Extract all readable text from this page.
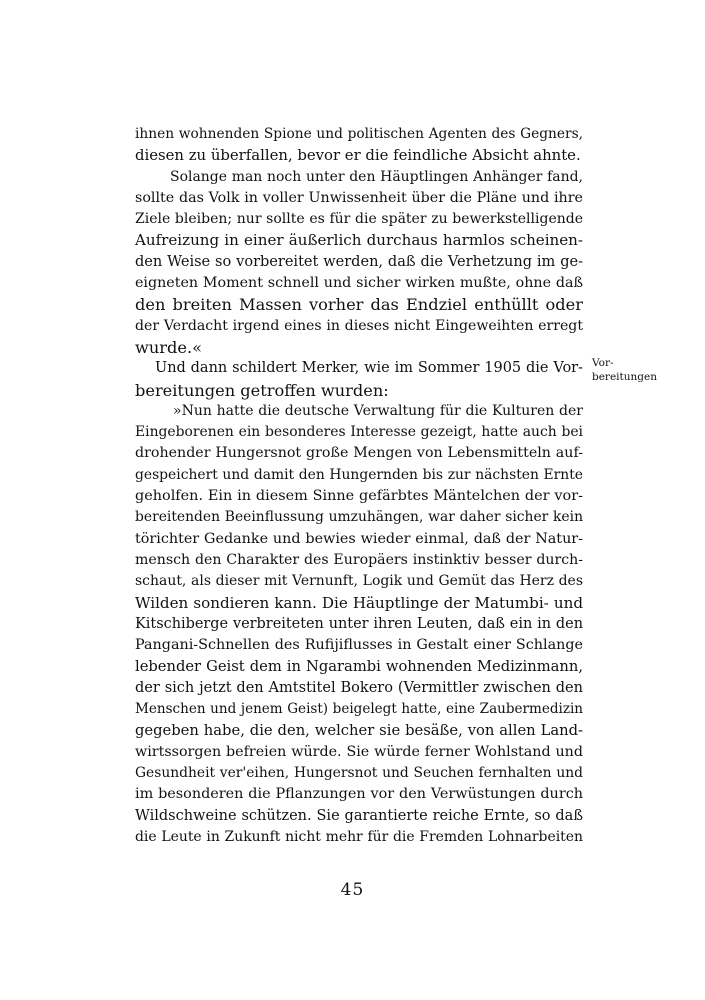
ihnen wohnenden Spione und politischen Agenten des Gegners,
diesen zu überfallen, bevor er die feindliche Absicht ahnte.
Solange man noch unter den Häuptlingen Anhänger fand,
sollte das Volk in voller Unwissenheit über die Pläne und ihre
Ziele bleiben; nur sollte es für die später zu bewerkstelligende
Aufreizung in einer äußerlich durchaus harmlos scheinen-
den Weise so vorbereitet werden, daß die Verhetzung im ge-
eigneten Moment schnell und sicher wirken mußte, ohne daß
den breiten Massen vorher das Endziel enthüllt oder
der Verdacht irgend eines in dieses nicht Eingeweihten erregt
wurde.«
Und dann schildert Merker, wie im Sommer 1905 die Vor-
bereitungen getroffen wurden:
»Nun hatte die deutsche Verwaltung für die Kulturen der
Eingeborenen ein besonderes Interesse gezeigt, hatte auch bei
drohender Hungersnot große Mengen von Lebensmitteln auf-
gespeichert und damit den Hungernden bis zur nächsten Ernte
geholfen. Ein in diesem Sinne gefärbtes Mäntelchen der vor-
bereitenden Beeinflussung umzuhängen, war daher sicher kein
törichter Gedanke und bewies wieder einmal, daß der Natur-
mensch den Charakter des Europäers instinktiv besser durch-
schaut, als dieser mit Vernunft, Logik und Gemüt das Herz des
Wilden sondieren kann. Die Häuptlinge der Matumbi- und
Kitschiberge verbreiteten unter ihren Leuten, daß ein in den
Pangani-Schnellen des Rufijiflusses in Gestalt einer Schlange
lebender Geist dem in Ngarambi wohnenden Medizinmann,
der sich jetzt den Amtstitel Bokero (Vermittler zwischen den
Menschen und jenem Geist) beigelegt hatte, eine Zaubermedizin
gegeben habe, die den, welcher sie besäße, von allen Land-
wirtssorgen befreien würde. Sie würde ferner Wohlstand und
Gesundheit ver'eihen, Hungersnot und Seuchen fernhalten und
im besonderen die Pflanzungen vor den Verwüstungen durch
Wildschweine schützen. Sie garantierte reiche Ernte, so daß
die Leute in Zukunft nicht mehr für die Fremden Lohnarbeiten
Vor-
bereitungen
45
